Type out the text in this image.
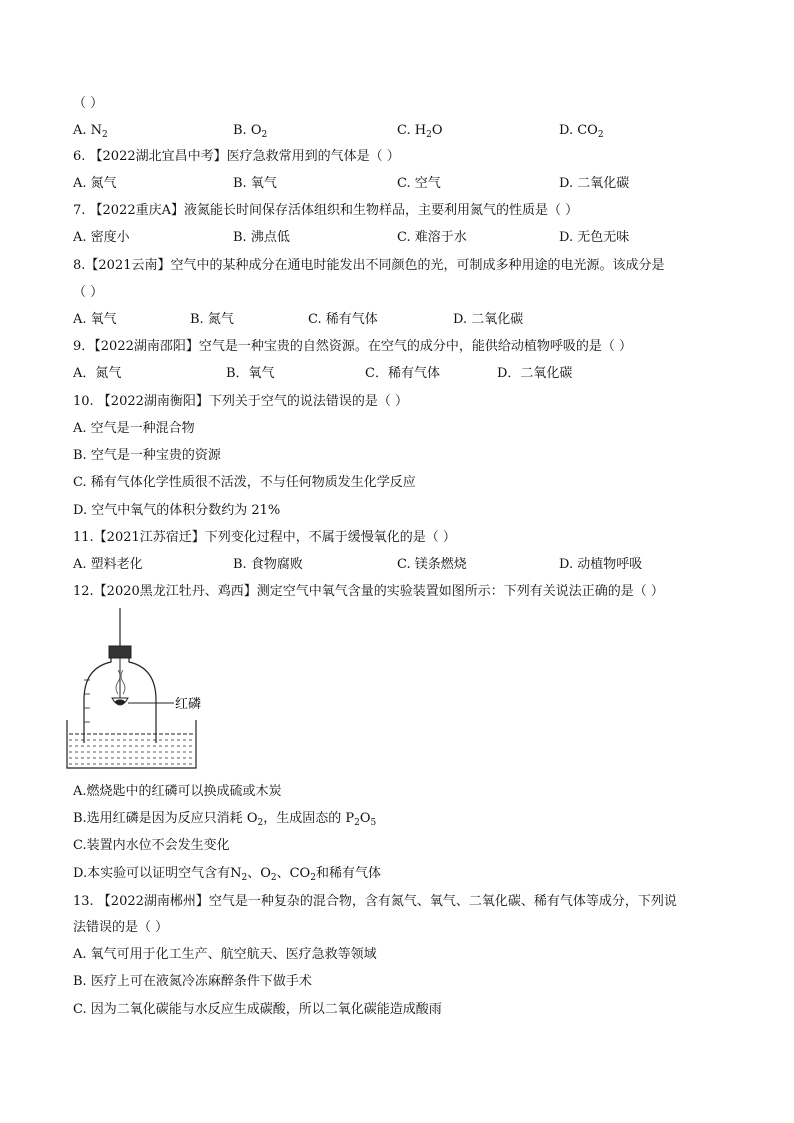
（ ）
A. $N_2$	B. $O_2$	C. $H_2O$	D. $CO_2$
6. 【2022湖北宜昌中考】医疗急救常用到的气体是（ ）
A. 氮气	B. 氧气	C. 空气	D. 二氧化碳
7. 【2022重庆A】液氮能长时间保存活体组织和生物样品，主要利用氮气的性质是（ ）
A. 密度小	B. 沸点低	C. 难溶于水	D. 无色无味
8.【2021云南】空气中的某种成分在通电时能发出不同颜色的光，可制成多种用途的电光源。该成分是
（ ）
A. 氧气	B. 氮气	C. 稀有气体	D. 二氧化碳
9．【2022湖南邵阳】空气是一种宝贵的自然资源。在空气的成分中，能供给动植物呼吸的是（ ）
A．氮气	B．氧气	C．稀有气体	D．二氧化碳
10. 【2022湖南衡阳】下列关于空气的说法错误的是（ ）
A. 空气是一种混合物
B. 空气是一种宝贵的资源
C. 稀有气体化学性质很不活泼，不与任何物质发生化学反应
D. 空气中氧气的体积分数约为 21%
11.【2021江苏宿迁】下列变化过程中，不属于缓慢氧化的是（ ）
A. 塑料老化	B. 食物腐败	C. 镁条燃烧	D. 动植物呼吸
12.【2020黑龙江牡丹、鸡西】测定空气中氧气含量的实验装置如图所示：下列有关说法正确的是（ ）
红磷
A.燃烧匙中的红磷可以换成硫或木炭
B.选用红磷是因为反应只消耗 $O_2$，生成固态的 $P_2O_5$
C.装置内水位不会发生变化
D.本实验可以证明空气含有$N_2$、$O_2$、$CO_2$和稀有气体
13. 【2022湖南郴州】空气是一种复杂的混合物，含有氮气、氧气、二氧化碳、稀有气体等成分，下列说
法错误的是（ ）
A. 氧气可用于化工生产、航空航天、医疗急救等领域
B. 医疗上可在液氮冷冻麻醉条件下做手术
C. 因为二氧化碳能与水反应生成碳酸，所以二氧化碳能造成酸雨
